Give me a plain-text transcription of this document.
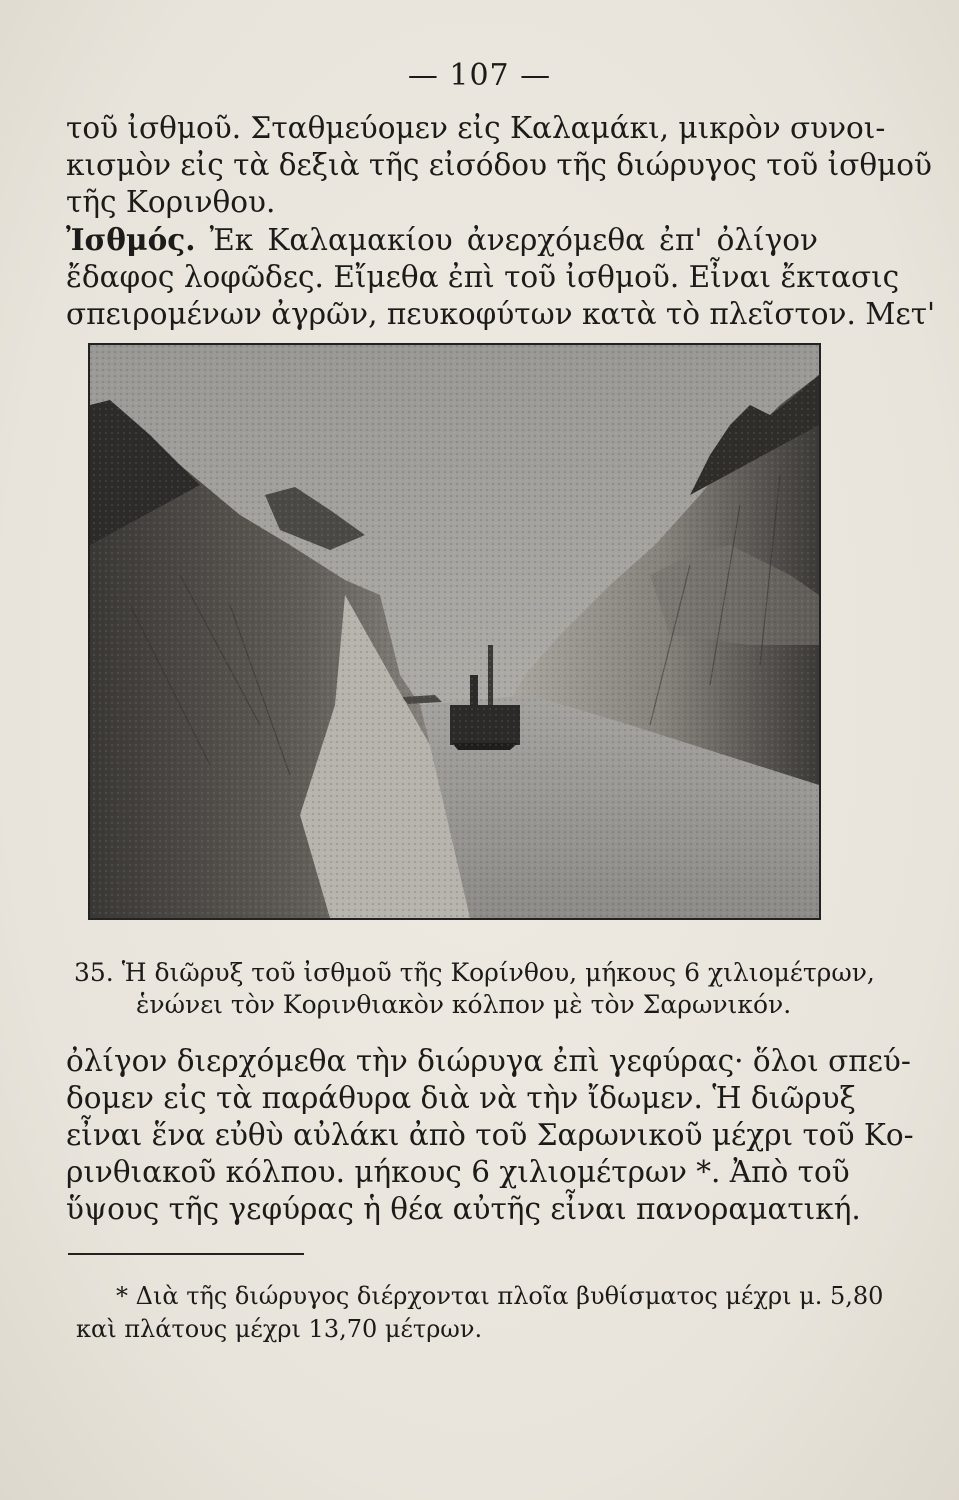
— 107 —

τοῦ ἰσθμοῦ. Σταθμεύομεν εἰς Καλαμάκι, μικρὸν συνοι-
κισμὸν εἰς τὰ δεξιὰ τῆς εἰσόδου τῆς διώρυγος τοῦ ἰσθμοῦ
τῆς Κορινθου.

Ἰσθμός. Ἐκ Καλαμακίου ἀνερχόμεθα ἐπ' ὀλίγον
ἔδαφος λοφῶδες. Εἴμεθα ἐπὶ τοῦ ἰσθμοῦ. Εἶναι ἔκτασις
σπειρομένων ἀγρῶν, πευκοφύτων κατὰ τὸ πλεῖστον. Μετ'

35. Ἡ διῶρυξ τοῦ ἰσθμοῦ τῆς Κορίνθου, μήκους 6 χιλιομέτρων,
ἑνώνει τὸν Κορινθιακὸν κόλπον μὲ τὸν Σαρωνικόν.

ὀλίγον διερχόμεθα τὴν διώρυγα ἐπὶ γεφύρας· ὅλοι σπεύ-
δομεν εἰς τὰ παράθυρα διὰ νὰ τὴν ἴδωμεν. Ἡ διῶρυξ
εἶναι ἕνα εὐθὺ αὐλάκι ἀπὸ τοῦ Σαρωνικοῦ μέχρι τοῦ Κο-
ρινθιακοῦ κόλπου. μήκους 6 χιλιομέτρων *. Ἀπὸ τοῦ
ὕψους τῆς γεφύρας ἡ θέα αὐτῆς εἶναι πανοραματική.

* Διὰ τῆς διώρυγος διέρχονται πλοῖα βυθίσματος μέχρι μ. 5,80
καὶ πλάτους μέχρι 13,70 μέτρων.
